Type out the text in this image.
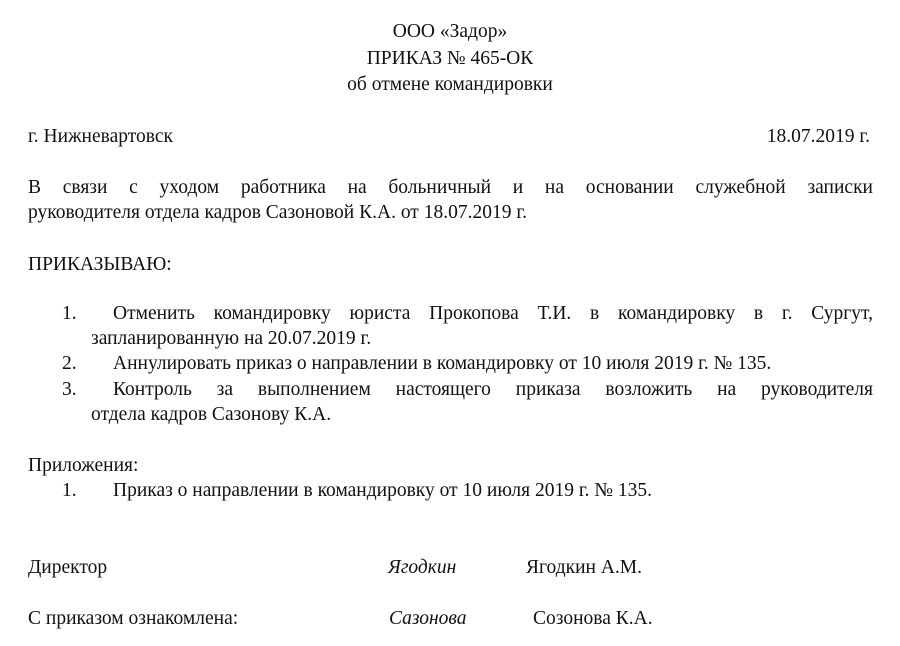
ООО «Задор»
ПРИКАЗ № 465-ОК
об отмене командировки
г. Нижневартовск	18.07.2019 г.
В связи с уходом работника на больничный и на основании служебной записки
руководителя отдела кадров Сазоновой К.А. от 18.07.2019 г.
ПРИКАЗЫВАЮ:
1. Отменить командировку юриста Прокопова Т.И. в командировку в г. Сургут,
запланированную на 20.07.2019 г.
2. Аннулировать приказ о направлении в командировку от 10 июля 2019 г. № 135.
3. Контроль за выполнением настоящего приказа возложить на руководителя
отдела кадров Сазонову К.А.
Приложения:
1. Приказ о направлении в командировку от 10 июля 2019 г. № 135.
Директор	Ягодкин	Ягодкин А.М.
С приказом ознакомлена:	Сазонова	Созонова К.А.
